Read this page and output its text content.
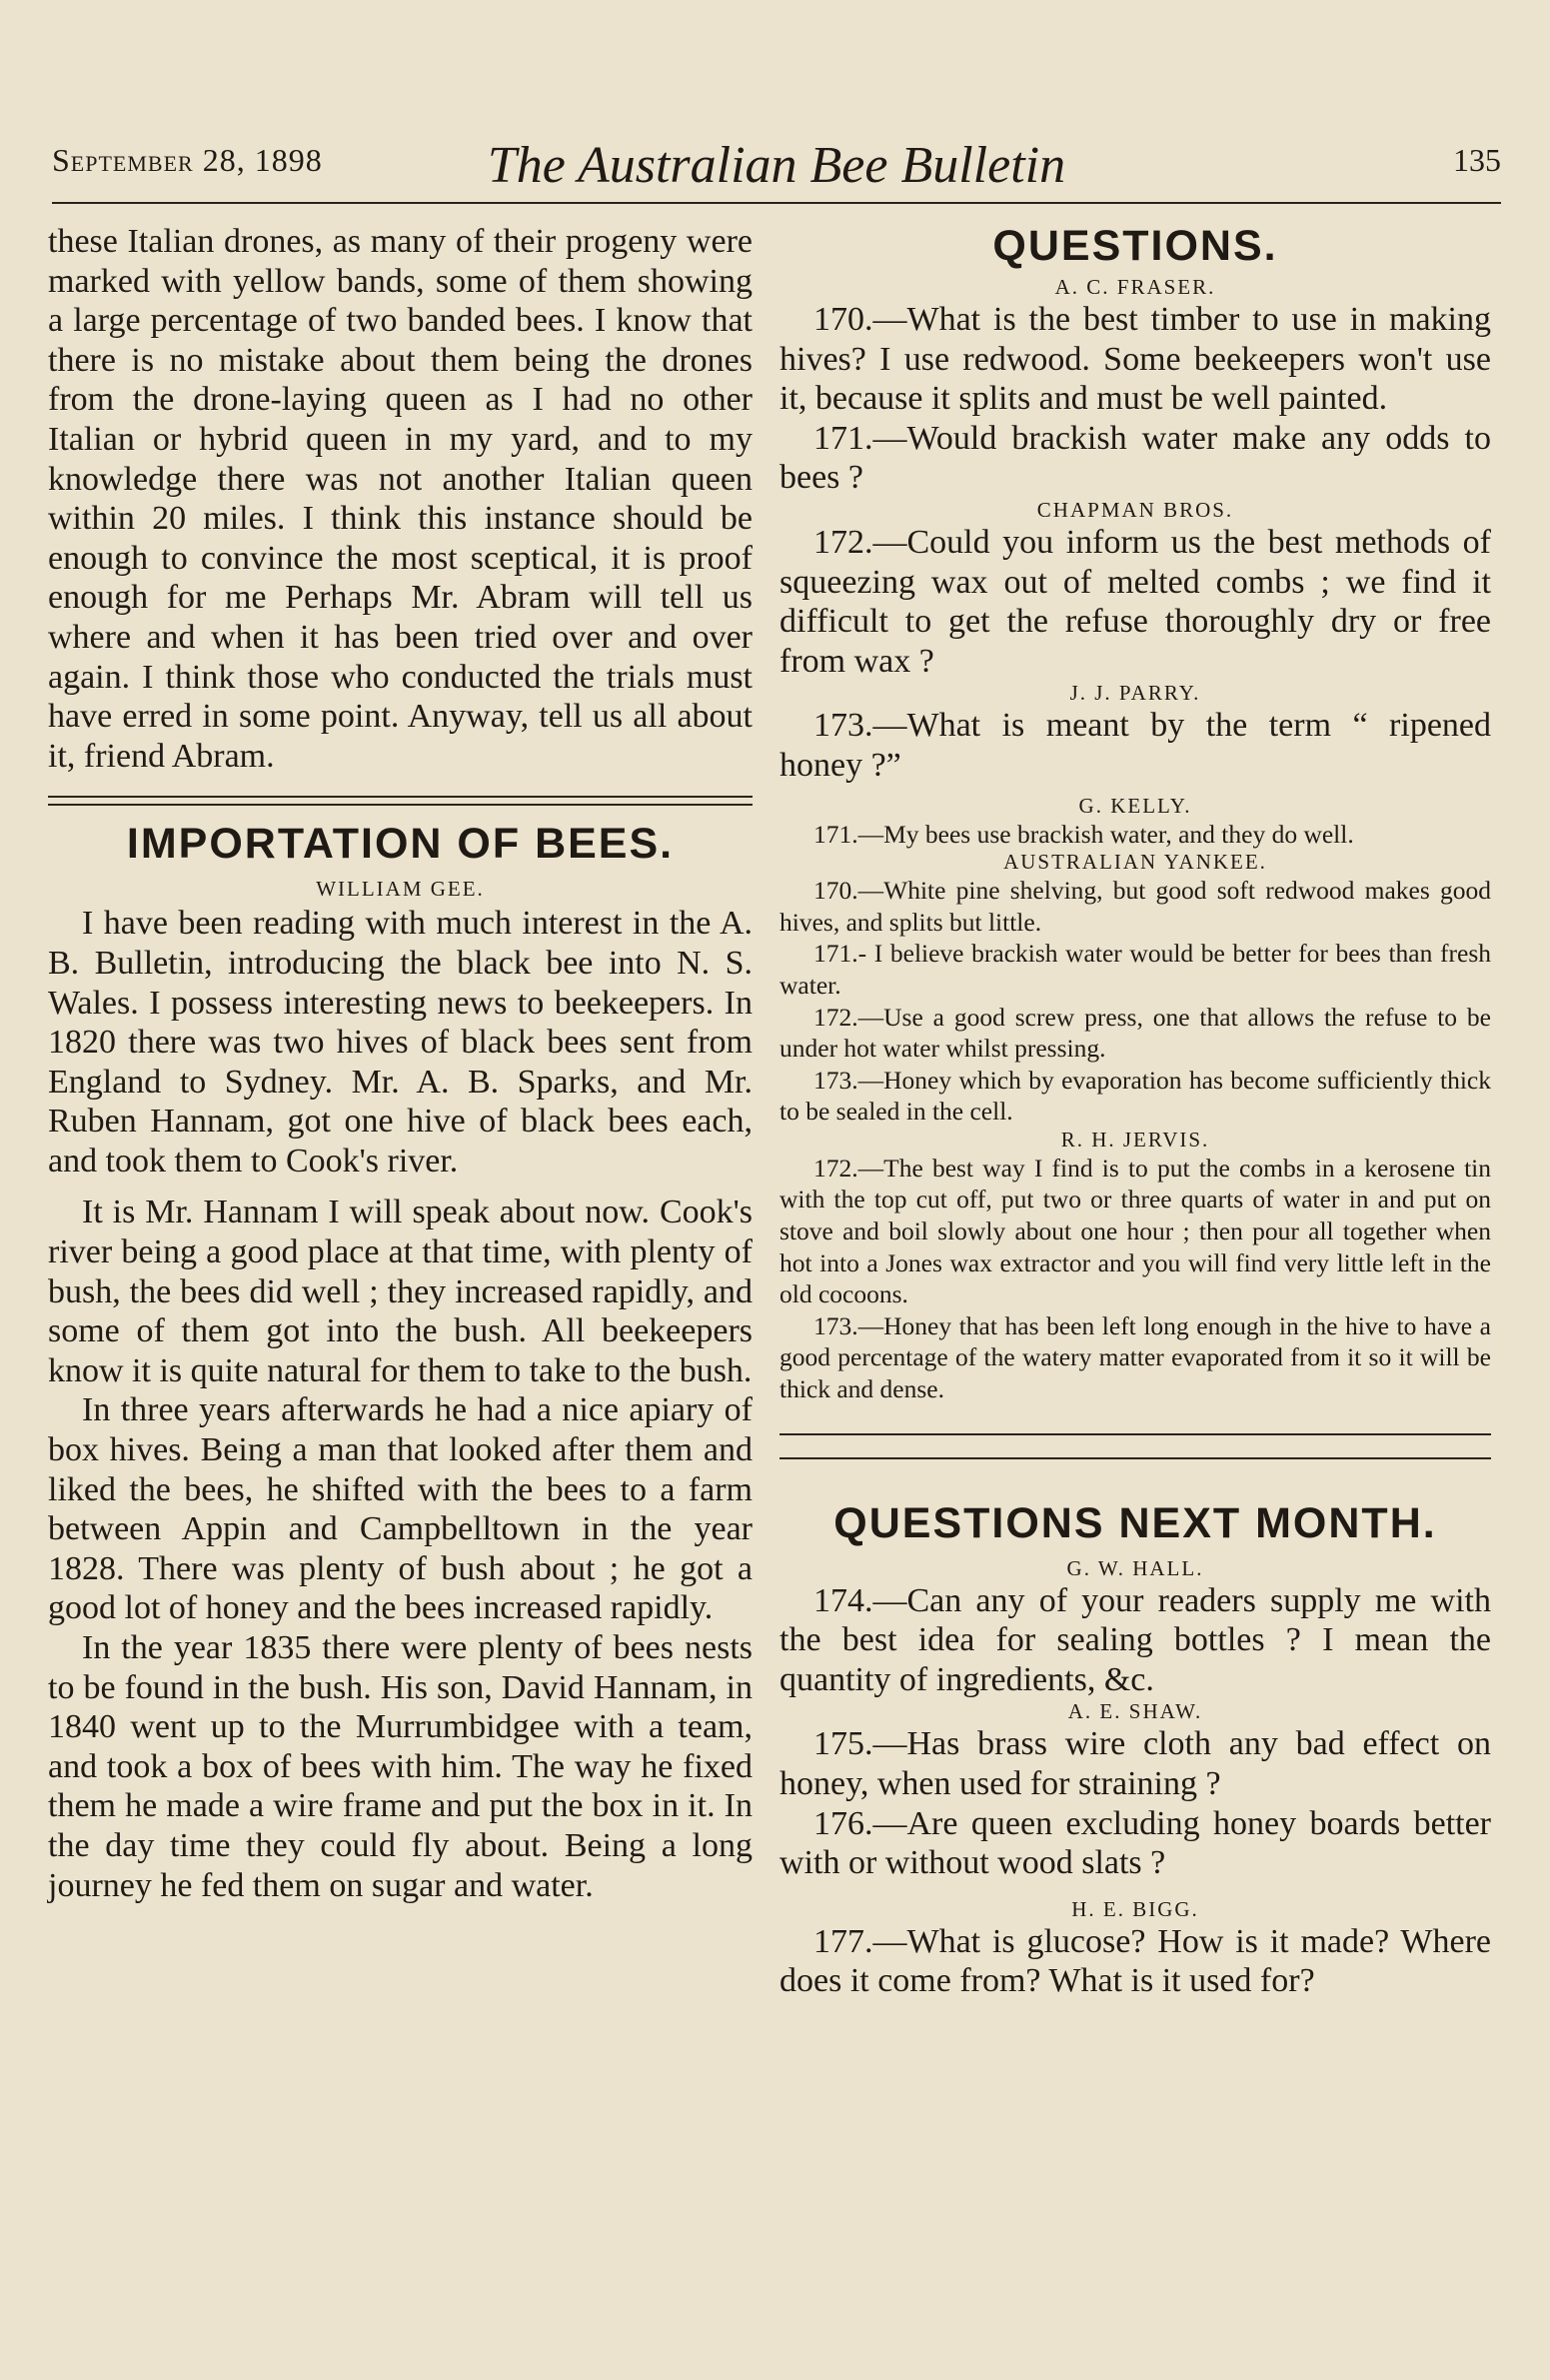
September 28, 1898	The Australian Bee Bulletin	135

these Italian drones, as many of their progeny were marked with yellow bands, some of them showing a large percentage of two banded bees. I know that there is no mistake about them being the drones from the drone-laying queen as I had no other Italian or hybrid queen in my yard, and to my knowledge there was not another Italian queen within 20 miles. I think this instance should be enough to convince the most sceptical, it is proof enough for me Perhaps Mr. Abram will tell us where and when it has been tried over and over again. I think those who conducted the trials must have erred in some point. Anyway, tell us all about it, friend Abram.

IMPORTATION OF BEES.

WILLIAM GEE.

I have been reading with much interest in the A. B. Bulletin, introducing the black bee into N. S. Wales. I possess interesting news to beekeepers. In 1820 there was two hives of black bees sent from England to Sydney. Mr. A. B. Sparks, and Mr. Ruben Hannam, got one hive of black bees each, and took them to Cook's river.

It is Mr. Hannam I will speak about now. Cook's river being a good place at that time, with plenty of bush, the bees did well ; they increased rapidly, and some of them got into the bush. All beekeepers know it is quite natural for them to take to the bush.

In three years afterwards he had a nice apiary of box hives. Being a man that looked after them and liked the bees, he shifted with the bees to a farm between Appin and Campbelltown in the year 1828. There was plenty of bush about ; he got a good lot of honey and the bees increased rapidly.

In the year 1835 there were plenty of bees nests to be found in the bush. His son, David Hannam, in 1840 went up to the Murrumbidgee with a team, and took a box of bees with him. The way he fixed them he made a wire frame and put the box in it. In the day time they could fly about. Being a long journey he fed them on sugar and water.

QUESTIONS.

A. C. FRASER.

170.—What is the best timber to use in making hives? I use redwood. Some beekeepers won't use it, because it splits and must be well painted.

171.—Would brackish water make any odds to bees ?

CHAPMAN BROS.

172.—Could you inform us the best methods of squeezing wax out of melted combs ; we find it difficult to get the refuse thoroughly dry or free from wax ?

J. J. PARRY.

173.—What is meant by the term “ ripened honey ?”

G. KELLY.

171.—My bees use brackish water, and they do well.

AUSTRALIAN YANKEE.

170.—White pine shelving, but good soft redwood makes good hives, and splits but little.

171.- I believe brackish water would be better for bees than fresh water.

172.—Use a good screw press, one that allows the refuse to be under hot water whilst pressing.

173.—Honey which by evaporation has become sufficiently thick to be sealed in the cell.

R. H. JERVIS.

172.—The best way I find is to put the combs in a kerosene tin with the top cut off, put two or three quarts of water in and put on stove and boil slowly about one hour ; then pour all together when hot into a Jones wax extractor and you will find very little left in the old cocoons.

173.—Honey that has been left long enough in the hive to have a good percentage of the watery matter evaporated from it so it will be thick and dense.

QUESTIONS NEXT MONTH.

G. W. HALL.

174.—Can any of your readers supply me with the best idea for sealing bottles ? I mean the quantity of ingredients, &c.

A. E. SHAW.

175.—Has brass wire cloth any bad effect on honey, when used for straining ?

176.—Are queen excluding honey boards better with or without wood slats ?

H. E. BIGG.

177.—What is glucose? How is it made? Where does it come from? What is it used for?
